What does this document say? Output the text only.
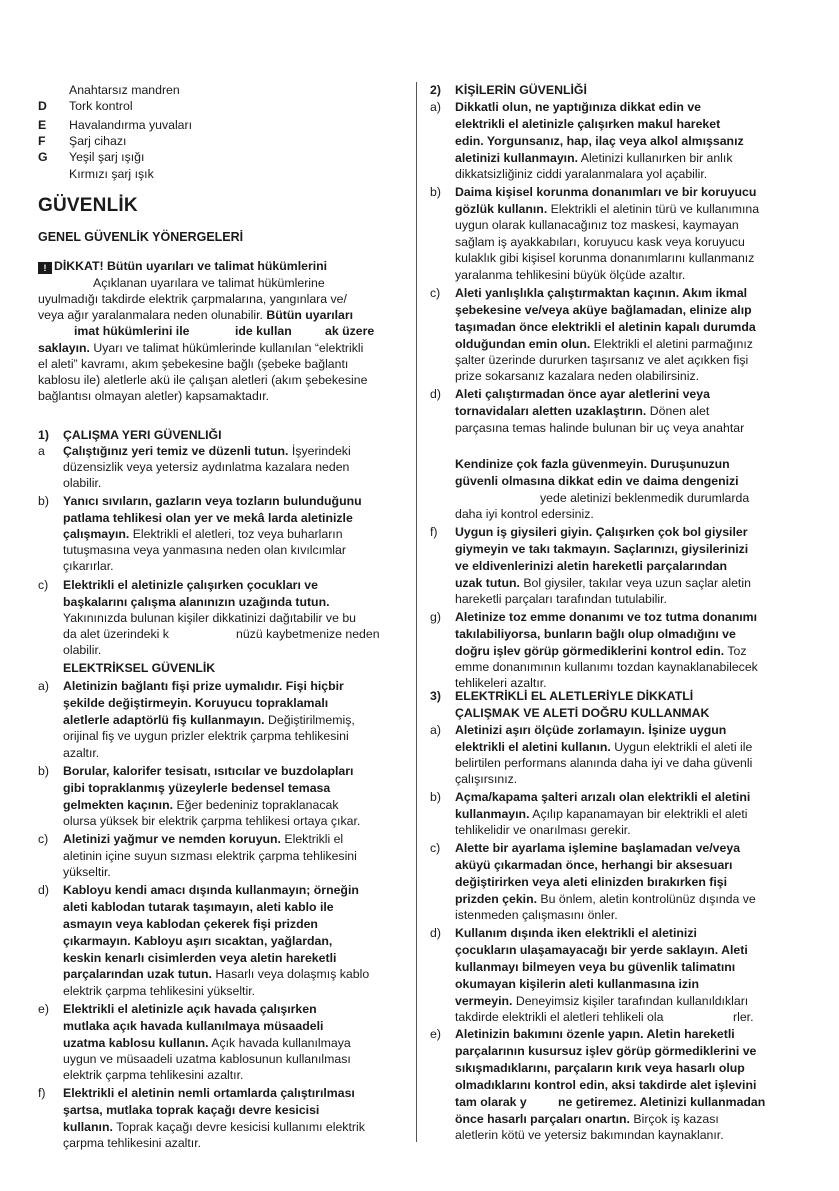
Anahtarsız mandren
D Tork kontrol
E Havalandırma yuvaları
F Şarj cihazı
G Yeşil şarj ışığı
Kırmızı şarj ışık
GÜVENLİK
GENEL GÜVENLİK YÖNERGELERİ
! DİKKAT! Bütün uyarıları ve talimat hükümlerini
Açıklanan uyarılara ve talimat hükümlerine
uyulmadığı takdirde elektrik çarpmalarına, yangınlara ve/
veya ağır yaralanmalara neden olunabilir. Bütün uyarıları
imat hükümlerini ile	ide kullan	ak üzere
saklayın. Uyarı ve talimat hükümlerinde kullanılan “elektrikli
el aleti” kavramı, akım şebekesine bağlı (şebeke bağlantı
kablosu ile) aletlerle akü ile çalışan aletleri (akım şebekesine
bağlantısı olmayan aletler) kapsamaktadır.
1) ÇALIŞMA YERI GÜVENLIĞI
a Çalıştığınız yeri temiz ve düzenli tutun. İşyerindeki
düzensizlik veya yetersiz aydınlatma kazalara neden
olabilir.
b) Yanıcı sıvıların, gazların veya tozların bulunduğunu
patlama tehlikesi olan yer ve mekâ larda aletinizle
çalışmayın. Elektrikli el aletleri, toz veya buharların
tutuşmasına veya yanmasına neden olan kıvılcımlar
çıkarırlar.
c) Elektrikli el aletinizle çalışırken çocukları ve
başkalarını çalışma alanınızın uzağında tutun.
Yakınınızda bulunan kişiler dikkatinizi dağıtabilir ve bu
da alet üzerindeki k	nüzü kaybetmenize neden
olabilir.
ELEKTRİKSEL GÜVENLİK
a) Aletinizin bağlantı fişi prize uymalıdır. Fişi hiçbir
şekilde değiştirmeyin. Koruyucu topraklamalı
aletlerle adaptörlü fiş kullanmayın. Değiştirilmemiş,
orijinal fiş ve uygun prizler elektrik çarpma tehlikesini
azaltır.
b) Borular, kalorifer tesisatı, ısıtıcılar ve buzdolapları
gibi topraklanmış yüzeylerle bedensel temasa
gelmekten kaçının. Eğer bedeniniz topraklanacak
olursa yüksek bir elektrik çarpma tehlikesi ortaya çıkar.
c) Aletinizi yağmur ve nemden koruyun. Elektrikli el
aletinin içine suyun sızması elektrik çarpma tehlikesini
yükseltir.
d) Kabloyu kendi amacı dışında kullanmayın; örneğin
aleti kablodan tutarak taşımayın, aleti kablo ile
asmayın veya kablodan çekerek fişi prizden
çıkarmayın. Kabloyu aşırı sıcaktan, yağlardan,
keskin kenarlı cisimlerden veya aletin hareketli
parçalarından uzak tutun. Hasarlı veya dolaşmış kablo
elektrik çarpma tehlikesini yükseltir.
e) Elektrikli el aletinizle açık havada çalışırken
mutlaka açık havada kullanılmaya müsaadeli
uzatma kablosu kullanın. Açık havada kullanılmaya
uygun ve müsaadeli uzatma kablosunun kullanılması
elektrik çarpma tehlikesini azaltır.
f) Elektrikli el aletinin nemli ortamlarda çalıştırılması
şartsa, mutlaka toprak kaçağı devre kesicisi
kullanın. Toprak kaçağı devre kesicisi kullanımı elektrik
çarpma tehlikesini azaltır.
2) KİŞİLERİN GÜVENLİĞİ
a) Dikkatli olun, ne yaptığınıza dikkat edin ve
elektrikli el aletinizle çalışırken makul hareket
edin. Yorgunsanız, hap, ilaç veya alkol almışsanız
aletinizi kullanmayın. Aletinizi kullanırken bir anlık
dikkatsizliğiniz ciddi yaralanmalara yol açabilir.
b) Daima kişisel korunma donanımları ve bir koruyucu
gözlük kullanın. Elektrikli el aletinin türü ve kullanımına
uygun olarak kullanacağınız toz maskesi, kaymayan
sağlam iş ayakkabıları, koruyucu kask veya koruyucu
kulaklık gibi kişisel korunma donanımlarını kullanmanız
yaralanma tehlikesini büyük ölçüde azaltır.
c) Aleti yanlışlıkla çalıştırmaktan kaçının. Akım ikmal
şebekesine ve/veya aküye bağlamadan, elinize alıp
taşımadan önce elektrikli el aletinin kapalı durumda
olduğundan emin olun. Elektrikli el aletini parmağınız
şalter üzerinde dururken taşırsanız ve alet açıkken fişi
prize sokarsanız kazalara neden olabilirsiniz.
d) Aleti çalıştırmadan önce ayar aletlerini veya
tornavidaları aletten uzaklaştırın. Dönen alet
parçasına temas halinde bulunan bir uç veya anahtar
Kendinize çok fazla güvenmeyin. Duruşunuzun
güvenli olmasına dikkat edin ve daima dengenizi
yede aletinizi beklenmedik durumlarda
daha iyi kontrol edersiniz.
f) Uygun iş giysileri giyin. Çalışırken çok bol giysiler
giymeyin ve takı takmayın. Saçlarınızı, giysilerinizi
ve eldivenlerinizi aletin hareketli parçalarından
uzak tutun. Bol giysiler, takılar veya uzun saçlar aletin
hareketli parçaları tarafından tutulabilir.
g) Aletinize toz emme donanımı ve toz tutma donanımı
takılabiliyorsa, bunların bağlı olup olmadığını ve
doğru işlev görüp görmediklerini kontrol edin. Toz
emme donanımının kullanımı tozdan kaynaklanabilecek
tehlikeleri azaltır.
3) ELEKTRİKLİ EL ALETLERİYLE DİKKATLİ
ÇALIŞMAK VE ALETİ DOĞRU KULLANMAK
a) Aletinizi aşırı ölçüde zorlamayın. İşinize uygun
elektrikli el aletini kullanın. Uygun elektrikli el aleti ile
belirtilen performans alanında daha iyi ve daha güvenli
çalışırsınız.
b) Açma/kapama şalteri arızalı olan elektrikli el aletini
kullanmayın. Açılıp kapanamayan bir elektrikli el aleti
tehlikelidir ve onarılması gerekir.
c) Alette bir ayarlama işlemine başlamadan ve/veya
aküyü çıkarmadan önce, herhangi bir aksesuarı
değiştirirken veya aleti elinizden bırakırken fişi
prizden çekin. Bu önlem, aletin kontrolünüz dışında ve
istenmeden çalışmasını önler.
d) Kullanım dışında iken elektrikli el aletinizi
çocukların ulaşamayacağı bir yerde saklayın. Aleti
kullanmayı bilmeyen veya bu güvenlik talimatını
okumayan kişilerin aleti kullanmasına izin
vermeyin. Deneyimsiz kişiler tarafından kullanıldıkları
takdirde elektrikli el aletleri tehlikeli ola	rler.
e) Aletinizin bakımını özenle yapın. Aletin hareketli
parçalarının kusursuz işlev görüp görmediklerini ve
sıkışmadıklarını, parçaların kırık veya hasarlı olup
olmadıklarını kontrol edin, aksi takdirde alet işlevini
tam olarak y	ne getiremez. Aletinizi kullanmadan
önce hasarlı parçaları onartın. Birçok iş kazası
aletlerin kötü ve yetersiz bakımından kaynaklanır.
